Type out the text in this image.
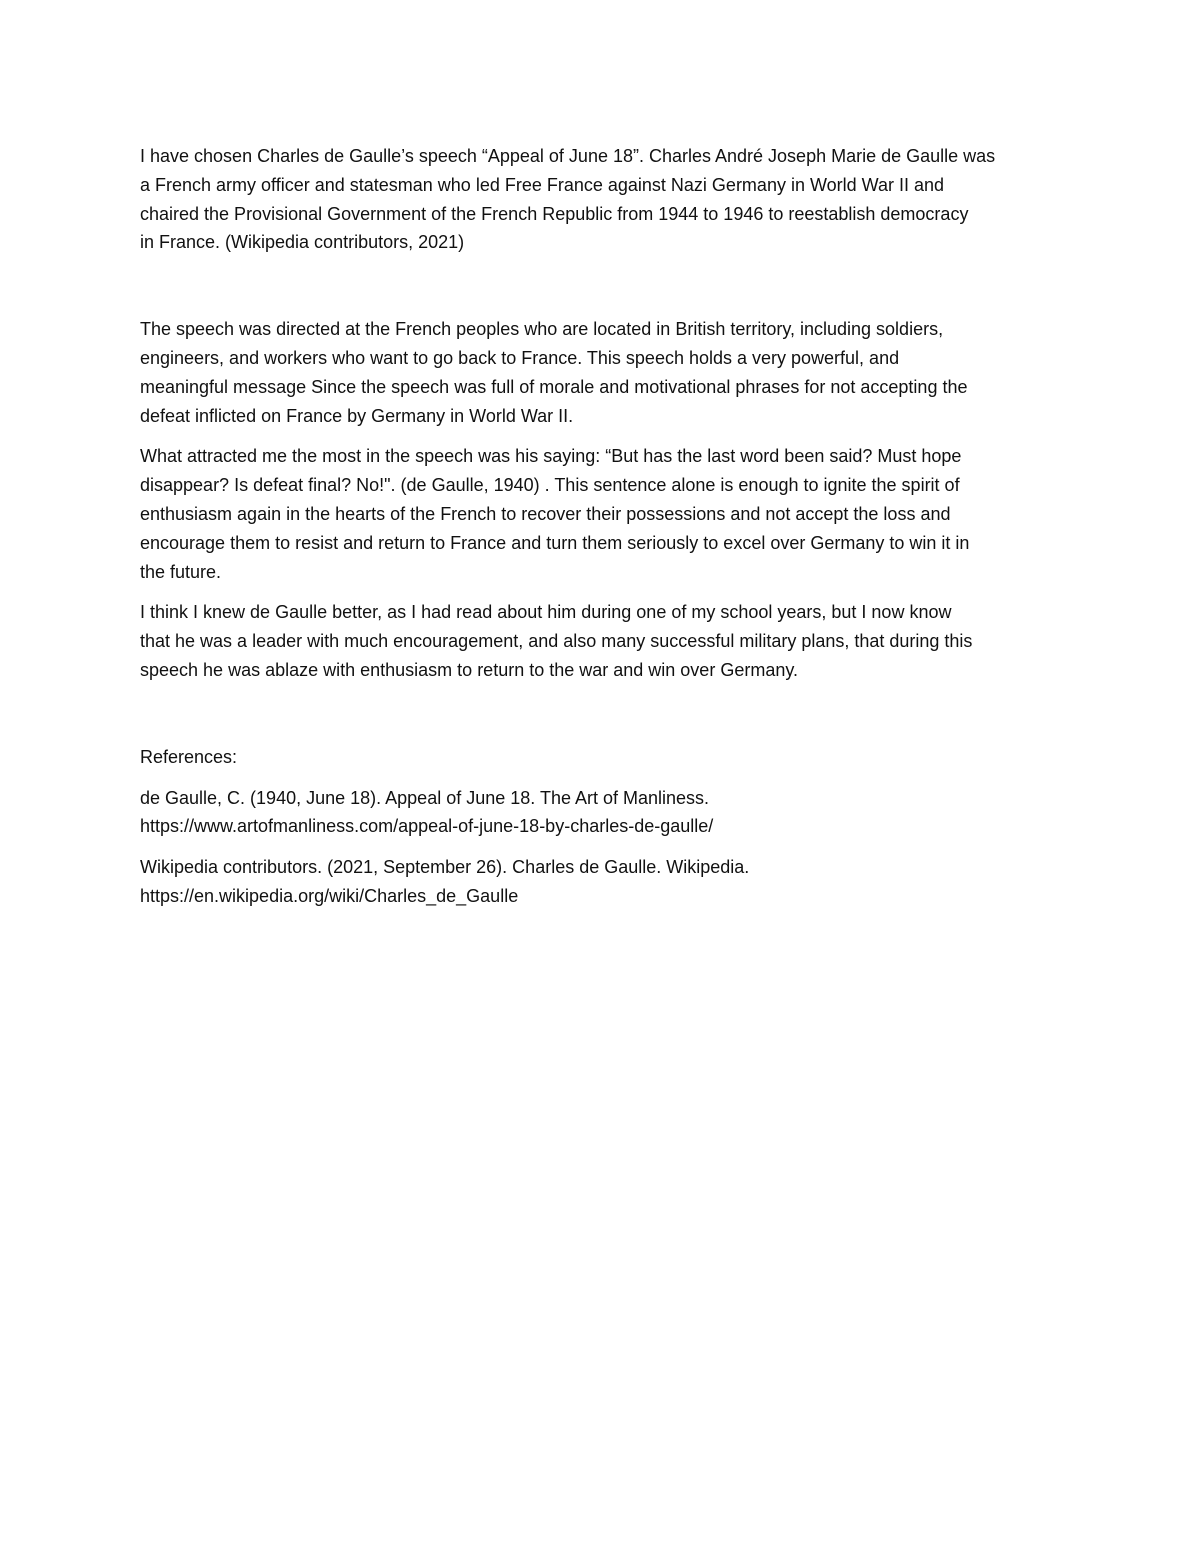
I have chosen Charles de Gaulle’s speech “Appeal of June 18”. Charles André Joseph Marie de Gaulle was
a French army officer and statesman who led Free France against Nazi Germany in World War II and
chaired the Provisional Government of the French Republic from 1944 to 1946 to reestablish democracy
in France. (Wikipedia contributors, 2021)

The speech was directed at the French peoples who are located in British territory, including soldiers,
engineers, and workers who want to go back to France. This speech holds a very powerful, and
meaningful message Since the speech was full of morale and motivational phrases for not accepting the
defeat inflicted on France by Germany in World War II.

What attracted me the most in the speech was his saying: “But has the last word been said? Must hope
disappear? Is defeat final? No!". (de Gaulle, 1940) . This sentence alone is enough to ignite the spirit of
enthusiasm again in the hearts of the French to recover their possessions and not accept the loss and
encourage them to resist and return to France and turn them seriously to excel over Germany to win it in
the future.

I think I knew de Gaulle better, as I had read about him during one of my school years, but I now know
that he was a leader with much encouragement, and also many successful military plans, that during this
speech he was ablaze with enthusiasm to return to the war and win over Germany.

References:

de Gaulle, C. (1940, June 18). Appeal of June 18. The Art of Manliness.
https://www.artofmanliness.com/appeal-of-june-18-by-charles-de-gaulle/

Wikipedia contributors. (2021, September 26). Charles de Gaulle. Wikipedia.
https://en.wikipedia.org/wiki/Charles_de_Gaulle
